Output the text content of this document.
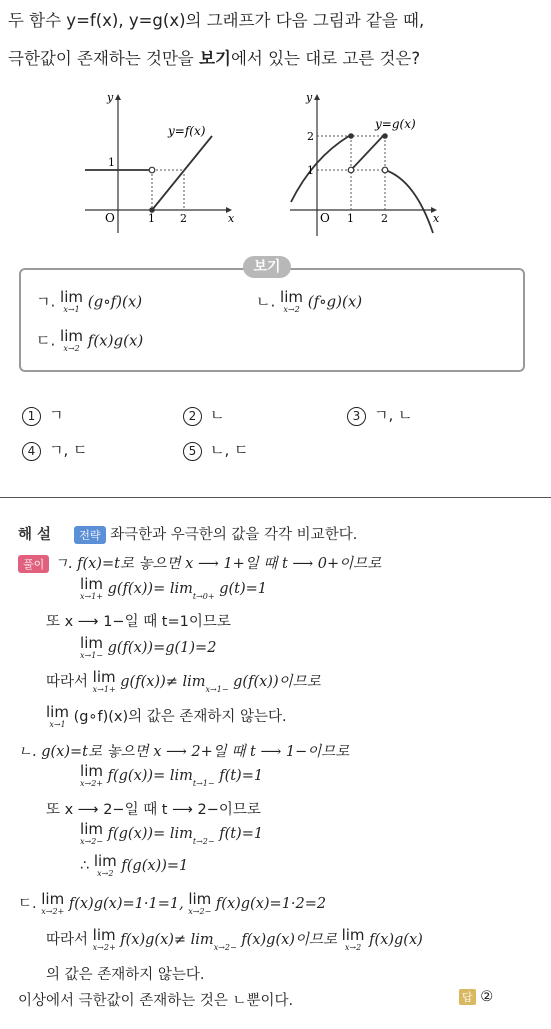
두 함수 y=f(x), y=g(x)의 그래프가 다음 그림과 같을 때,
극한값이 존재하는 것만을 보기에서 있는 대로 고른 것은?
y
x
O	1 2
1
y=f(x)
y
x
O 1 2
1
2
y=g(x)
보기
ㄱ. lim
x→1 (g∘f)(x)	ㄴ. lim
x→2 (f∘g)(x)
ㄷ. lim
x→2 f(x)g(x)
1 ㄱ	2 ㄴ	3 ㄱ, ㄴ
4 ㄱ, ㄷ	5 ㄴ, ㄷ
해 설	전략 좌극한과 우극한의 값을 각각 비교한다.
풀이 ㄱ. f(x)=t로 놓으면 x ⟶ 1+일 때 t ⟶ 0+이므로
lim
x→1+ g(f(x))= lim t→0+ g(t)=1
또 x ⟶ 1−일 때 t=1이므로
lim
x→1− g(f(x))=g(1)=2
따라서 lim
x→1+ g(f(x))≠ lim x→1− g(f(x))이므로
lim
x→1 (g∘f)(x)의 값은 존재하지 않는다.
ㄴ. g(x)=t로 놓으면 x ⟶ 2+일 때 t ⟶ 1−이므로
lim
x→2+ f(g(x))= lim t→1− f(t)=1
또 x ⟶ 2−일 때 t ⟶ 2−이므로
lim
x→2− f(g(x))= lim t→2− f(t)=1
∴ lim
x→2 f(g(x))=1
ㄷ. lim
x→2+ f(x)g(x)=1·1=1, lim
x→2− f(x)g(x)=1·2=2
따라서 lim
x→2+ f(x)g(x)≠ lim x→2− f(x)g(x)이므로 lim
x→2 f(x)g(x)
의 값은 존재하지 않는다.
이상에서 극한값이 존재하는 것은 ㄴ뿐이다.	답 ②
